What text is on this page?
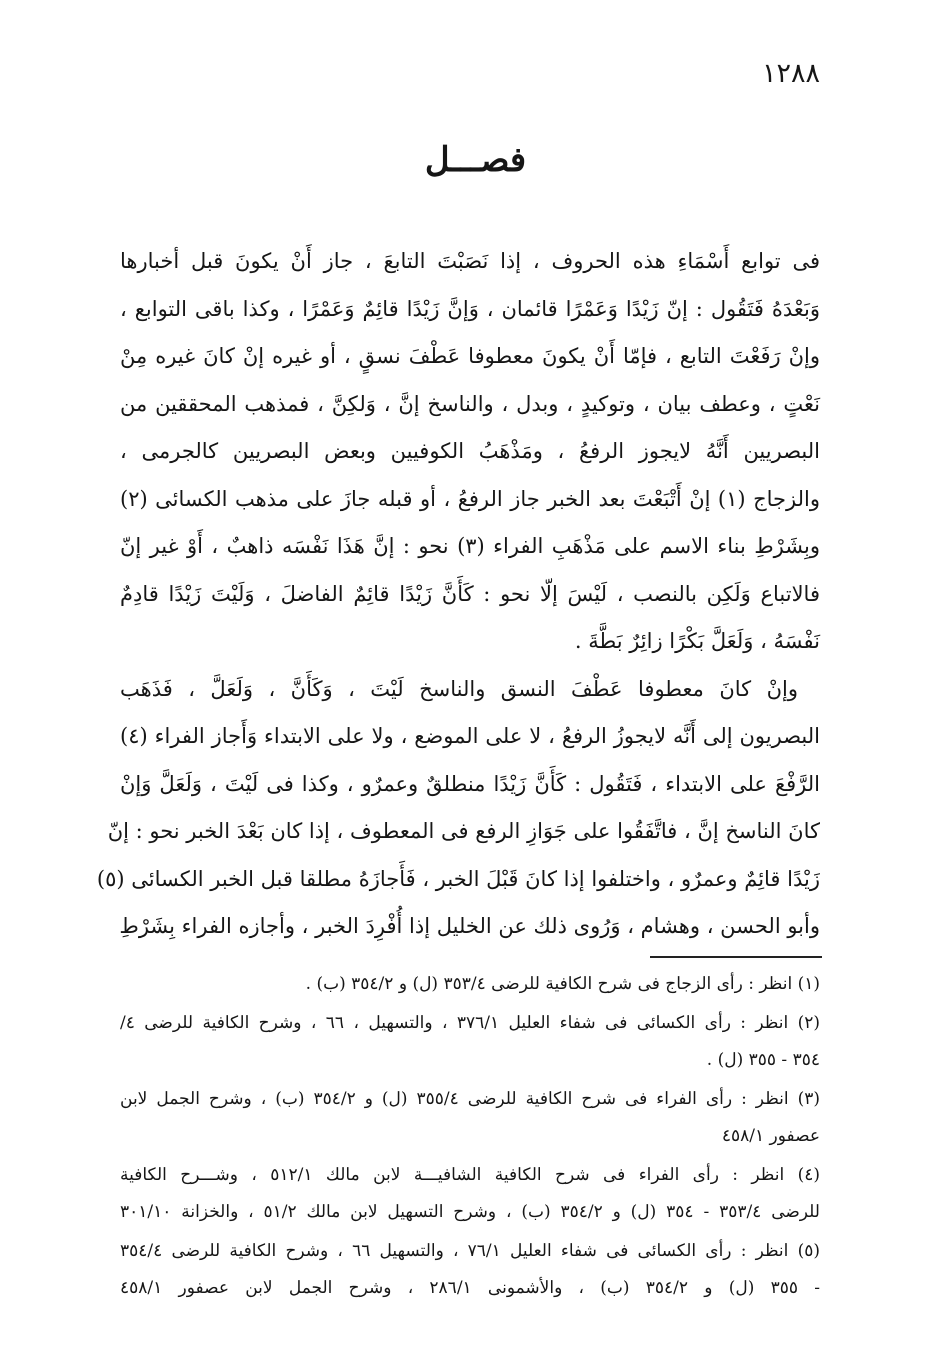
١٢٨٨
فصـــل
فى توابع أَسْمَاءِ هذه الحروف ، إذا نَصَبْتَ التابعَ ، جاز أَنْ يكونَ قبل أخبارها
وَبَعْدَهُ فَتَقُول : إنّ زَيْدًا وَعَمْرًا قائمان ، وَإنَّ زَيْدًا قائِمٌ وَعَمْرًا ، وكذا باقى التوابع ،
وإنْ رَفَعْتَ التابع ، فإمّا أَنْ يكونَ معطوفا عَطْفَ نسقٍ ، أو غيره إنْ كانَ غيره مِنْ
نَعْتٍ ، وعطف بيان ، وتوكيدٍ ، وبدل ، والناسخ إنَّ ، وَلكِنَّ ، فمذهب المحققين من
البصريين أَنَّهُ لايجوز الرفعُ ، ومَذْهَبُ الكوفيين وبعض البصريين كالجرمى ،
والزجاج (١) إنْ أَتْبَعْتَ بعد الخبر جاز الرفعُ ، أو قبله جازَ على مذهب الكسائى (٢)
وبِشَرْطِ بناء الاسم على مَذْهَبِ الفراء (٣) نحو : إنَّ هَذَا نَفْسَه ذاهبٌ ، أَوْ غير إنّ
فالاتباع وَلَكِن بالنصب ، لَيْسَ إلّا نحو : كَأَنَّ زَيْدًا قائِمٌ الفاضلَ ، وَلَيْتَ زَيْدًا قادِمٌ
نَفْسَهُ ، وَلَعَلَّ بَكْرًا زائِرٌ بَطَّةَ .
وإنْ كانَ معطوفا عَطْفَ النسق والناسخ لَيْتَ ، وَكَأَنَّ ، وَلَعَلَّ ، فَذَهَب
البصريون إلى أَنَّه لايجوزُ الرفعُ ، لا على الموضع ، ولا على الابتداء وَأَجاز الفراء (٤)
الرَّفْعَ على الابتداء ، فَتَقُول : كَأَنَّ زَيْدًا منطلقٌ وعمرٌو ، وكذا فى لَيْتَ ، وَلَعَلَّ وَإنْ
كانَ الناسخ إنَّ ، فاتَّفَقُوا على جَوَازِ الرفع فى المعطوف ، إذا كان بَعْدَ الخبر نحو : إنّ
زَيْدًا قائِمٌ وعمرٌو ، واختلفوا إذا كانَ قَبْلَ الخبر ، فَأَجازَهُ مطلقا قبل الخبر الكسائى (٥)
وأبو الحسن ، وهشام ، وَرُوى ذلك عن الخليل إذا أُفْرِدَ الخبر ، وأجازه الفراء بِشَرْطِ
(١) انظر : رأى الزجاج فى شرح الكافية للرضى ٣٥٣/٤ (ل) و ٣٥٤/٢ (ب) .
(٢) انظر : رأى الكسائى فى شفاء العليل ٣٧٦/١ ، والتسهيل ، ٦٦ ، وشرح الكافية للرضى ٤/
٣٥٤ - ٣٥٥ (ل) .
(٣) انظر : رأى الفراء فى شرح الكافية للرضى ٣٥٥/٤ (ل) و ٣٥٤/٢ (ب) ، وشرح الجمل لابن
عصفور ٤٥٨/١
(٤) انظر : رأى الفراء فى شرح الكافية الشافيـــة لابن مالك ٥١٢/١ ، وشـــرح الكافية
للرضى ٣٥٣/٤ - ٣٥٤ (ل) و ٣٥٤/٢ (ب) ، وشرح التسهيل لابن مالك ٥١/٢ ، والخزانة ٣٠١/١٠
(٥) انظر : رأى الكسائى فى شفاء العليل ٧٦/١ ، والتسهيل ٦٦ ، وشرح الكافية للرضى ٣٥٤/٤
- ٣٥٥ (ل) و ٣٥٤/٢ (ب) ، والأشمونى ٢٨٦/١ ، وشرح الجمل لابن عصفور ٤٥٨/١
